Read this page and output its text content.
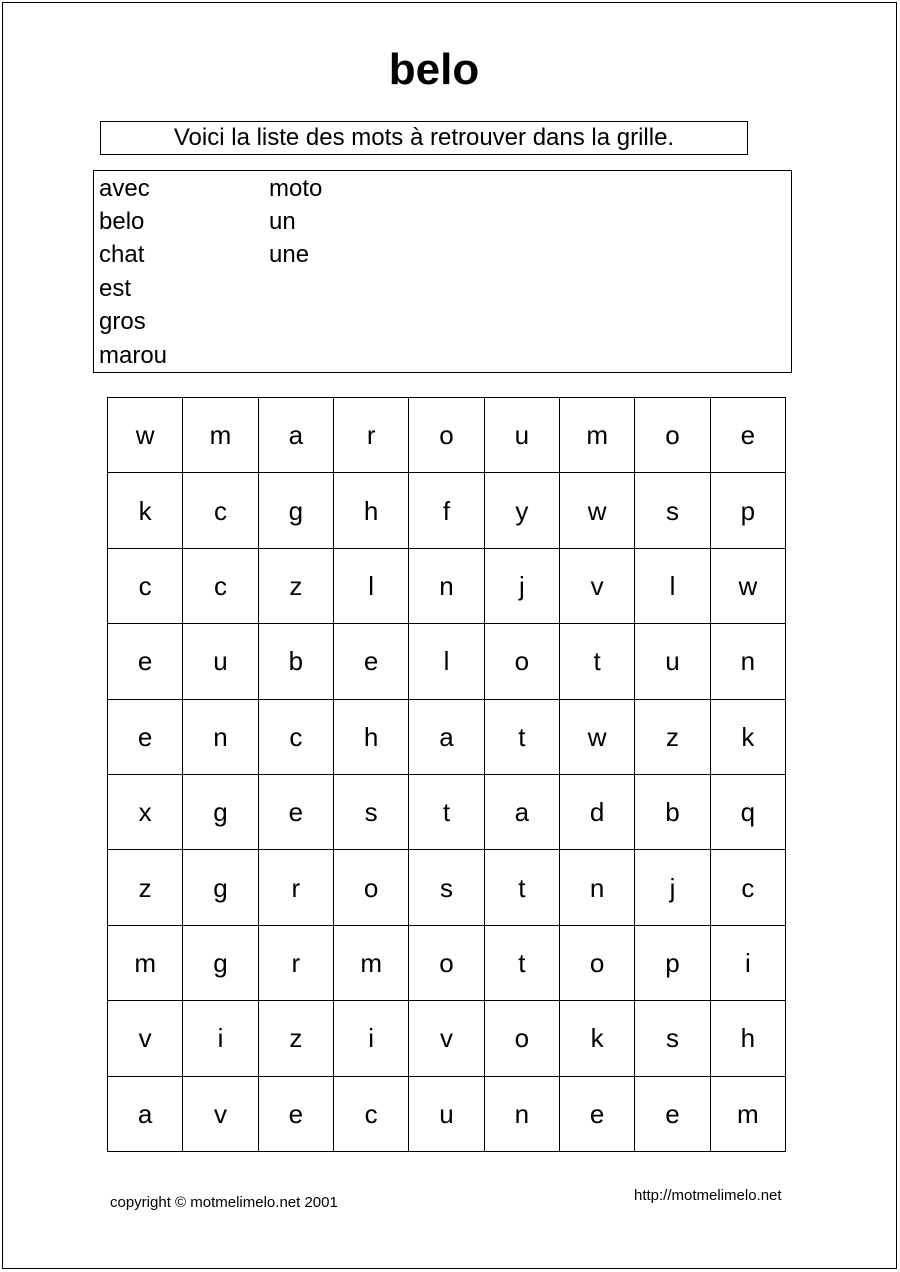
belo
Voici la liste des mots à retrouver dans la grille.
avec	moto
belo	un
chat	une
est
gros
marou
w	m	a	r	o	u	m	o	e
k	c	g	h	f	y	w	s	p
c	c	z	l	n	j	v	l	w
e	u	b	e	l	o	t	u	n
e	n	c	h	a	t	w	z	k
x	g	e	s	t	a	d	b	q
z	g	r	o	s	t	n	j	c
m	g	r	m	o	t	o	p	i
v	i	z	i	v	o	k	s	h
a	v	e	c	u	n	e	e	m
copyright © motmelimelo.net 2001	http://motmelimelo.net
